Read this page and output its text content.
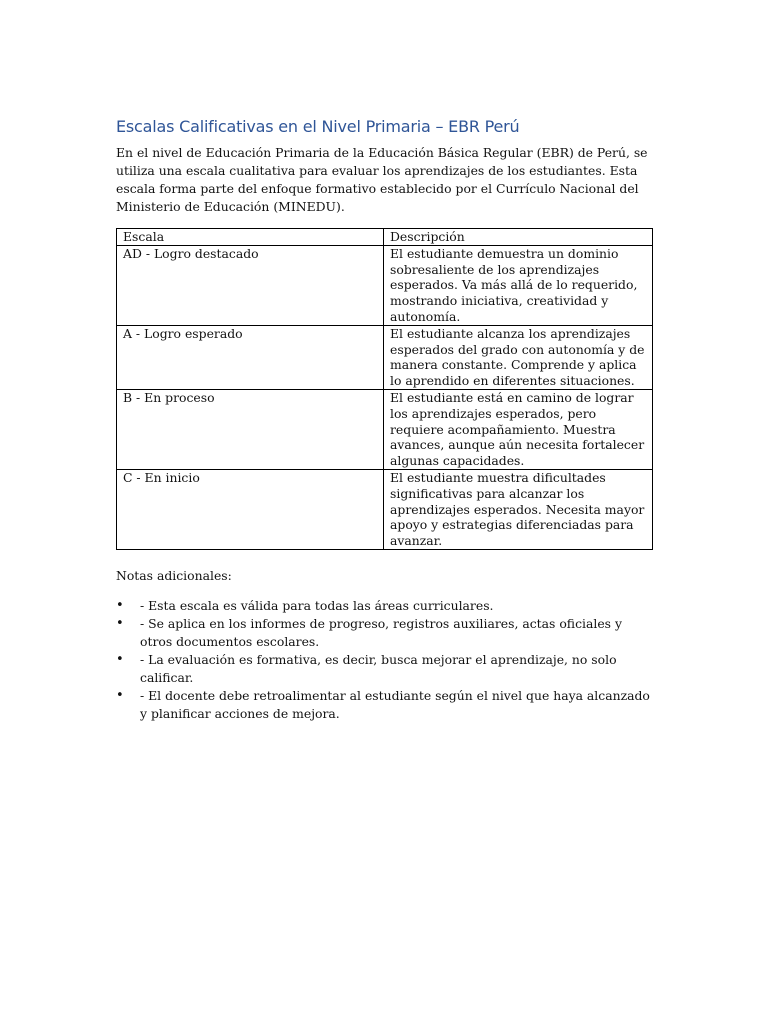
Escalas Calificativas en el Nivel Primaria – EBR Perú

En el nivel de Educación Primaria de la Educación Básica Regular (EBR) de Perú, se utiliza una escala cualitativa para evaluar los aprendizajes de los estudiantes. Esta escala forma parte del enfoque formativo establecido por el Currículo Nacional del Ministerio de Educación (MINEDU).

Escala	Descripción
AD - Logro destacado	El estudiante demuestra un dominio sobresaliente de los aprendizajes esperados. Va más allá de lo requerido, mostrando iniciativa, creatividad y autonomía.
A - Logro esperado	El estudiante alcanza los aprendizajes esperados del grado con autonomía y de manera constante. Comprende y aplica lo aprendido en diferentes situaciones.
B - En proceso	El estudiante está en camino de lograr los aprendizajes esperados, pero requiere acompañamiento. Muestra avances, aunque aún necesita fortalecer algunas capacidades.
C - En inicio	El estudiante muestra dificultades significativas para alcanzar los aprendizajes esperados. Necesita mayor apoyo y estrategias diferenciadas para avanzar.

Notas adicionales:

• - Esta escala es válida para todas las áreas curriculares.
• - Se aplica en los informes de progreso, registros auxiliares, actas oficiales y otros documentos escolares.
• - La evaluación es formativa, es decir, busca mejorar el aprendizaje, no solo calificar.
• - El docente debe retroalimentar al estudiante según el nivel que haya alcanzado y planificar acciones de mejora.
